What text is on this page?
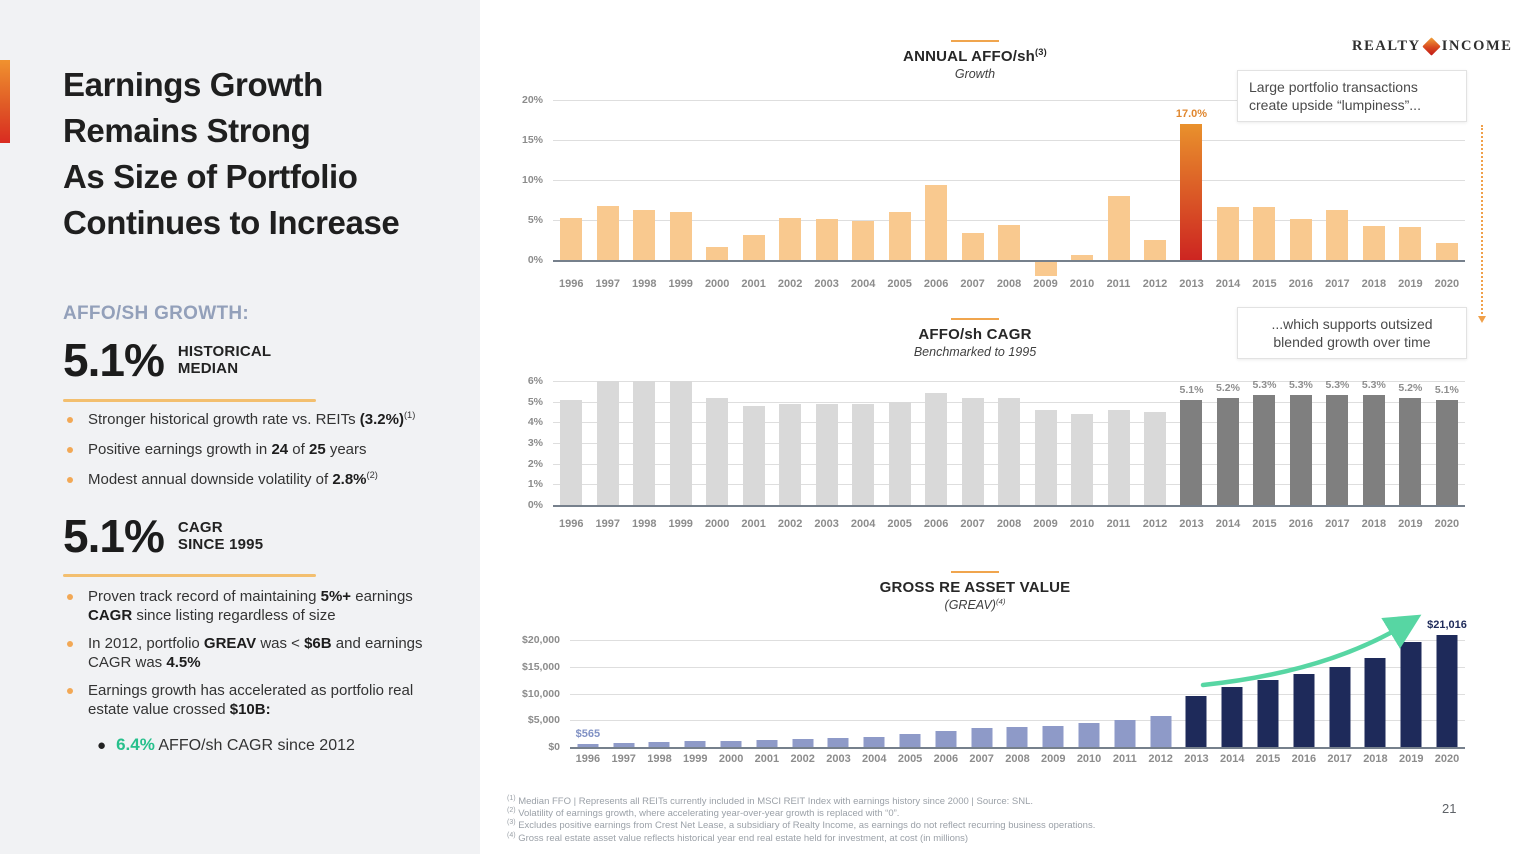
Earnings Growth
Remains Strong
As Size of Portfolio
Continues to Increase
AFFO/SH GROWTH:
5.1% HISTORICAL
MEDIAN
Stronger historical growth rate vs. REITs $(3.2\%)^{(1)}$
Positive earnings growth in 24 of 25 years
Modest annual downside volatility of 2.8%$^{(2)}$
5.1% CAGR
SINCE 1995
Proven track record of maintaining 5%+ earnings CAGR since listing regardless of size
In 2012, portfolio GREAV was < $6B and earnings CAGR was 4.5%
Earnings growth has accelerated as portfolio real estate value crossed $10B:
● 6.4% AFFO/sh CAGR since 2012
REALTY INCOME
ANNUAL AFFO/$sh^{(3)}$
Growth
20%
15%
10%
5%
0%
17.0%
1996	1997	1998	1999	2000	2001	2002	2003	2004	2005	2006	2007	2008	2009	2010	2011	2012	2013	2014	2015	2016	2017	2018	2019	2020
AFFO/sh CAGR
Benchmarked to 1995
6%
5%
4%
3%
2%
1%
0%
5.1% 5.2% 5.3% 5.3% 5.3% 5.3% 5.2% 5.1%
1996	1997	1998	1999	2000	2001	2002	2003	2004	2005	2006	2007	2008	2009	2010	2011	2012	2013	2014	2015	2016	2017	2018	2019	2020
GROSS RE ASSET VALUE
(GREAV)$^{(4)}$
$20,000
$15,000
$10,000
$5,000
$0
$565
$21,016
1996	1997	1998	1999	2000	2001	2002	2003	2004	2005	2006	2007	2008	2009	2010	2011	2012	2013	2014	2015	2016	2017	2018	2019	2020
Large portfolio transactions create upside “lumpiness”...
...which supports outsized blended growth over time
$^{(1)}$ Median FFO | Represents all REITs currently included in MSCI REIT Index with earnings history since 2000 | Source: SNL.
$^{(2)}$ Volatility of earnings growth, where accelerating year-over-year growth is replaced with “0”.
$^{(3)}$ Excludes positive earnings from Crest Net Lease, a subsidiary of Realty Income, as earnings do not reflect recurring business operations.
$^{(4)}$ Gross real estate asset value reflects historical year end real estate held for investment, at cost (in millions)
21
